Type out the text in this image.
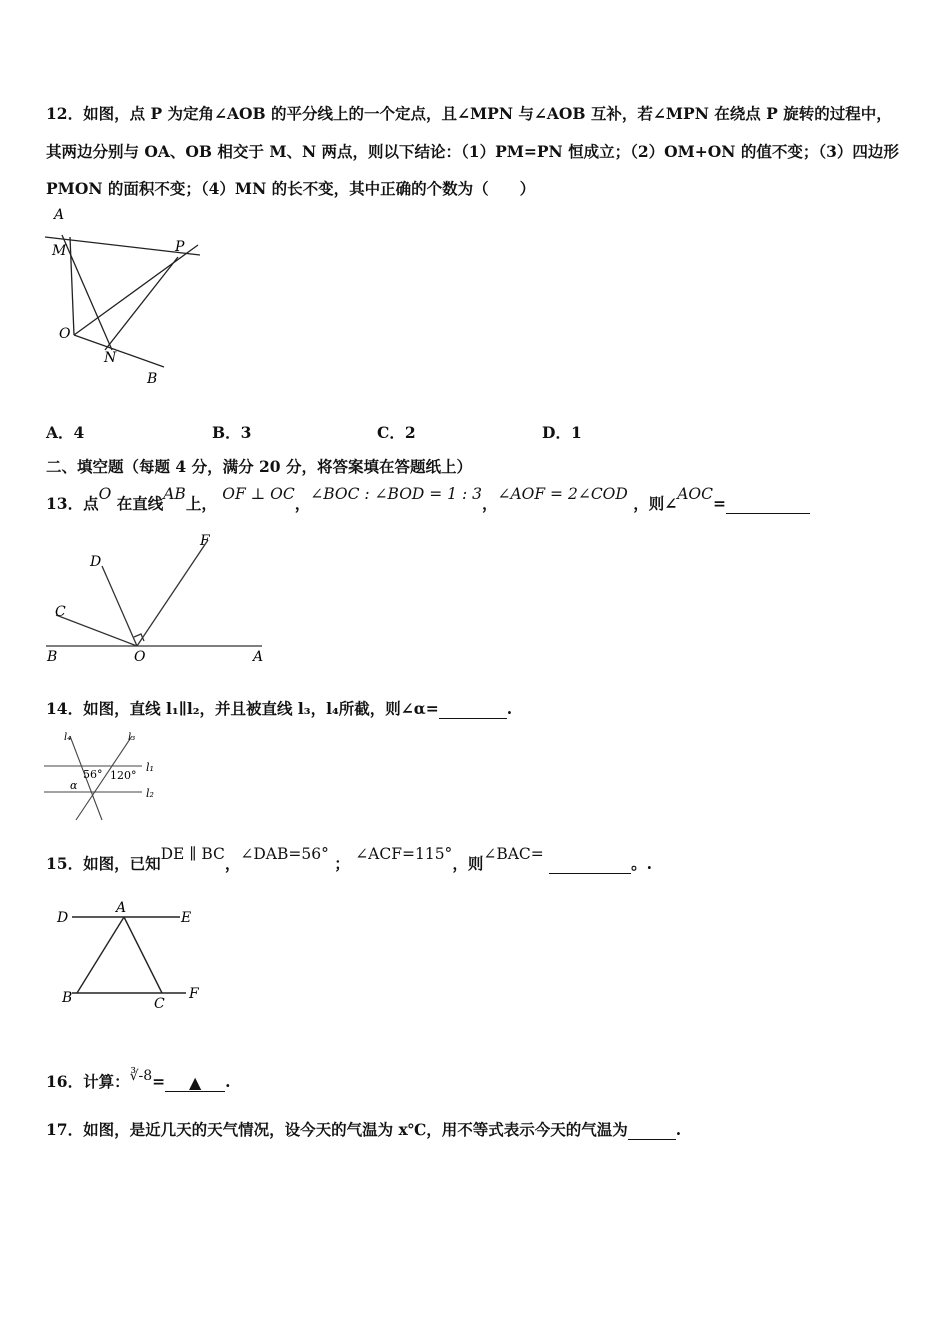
12．如图，点 P 为定角∠AOB 的平分线上的一个定点，且∠MPN 与∠AOB 互补，若∠MPN 在绕点 P 旋转的过程中，
其两边分别与 OA、OB 相交于 M、N 两点，则以下结论：（1）PM=PN 恒成立；（2）OM+ON 的值不变；（3）四边形
PMON 的面积不变；（4）MN 的长不变，其中正确的个数为（　　）
A
M	P
O
N
B
A．4	B．3	C．2	D．1
二、填空题（每题 4 分，满分 20 分，将答案填在答题纸上）
13．点O 在直线AB上， OF ⊥ OC，∠BOC : ∠BOD = 1 : 3，∠AOF = 2∠COD ，则∠AOC=
D
F
C
B	O	A
14．如图，直线 l₁∥l₂，并且被直线 l₃，l₄所截，则∠α=	.
l₄	l₃
l₁
l₂
56° 120°
α
15．如图，已知DE ∥ BC，∠DAB=56° ； ∠ACF=115°，则∠BAC=	。.
D
A
E
B	C
F
16．计算：∛-8= ▲ .
17．如图，是近几天的天气情况，设今天的气温为 x℃，用不等式表示今天的气温为	.
